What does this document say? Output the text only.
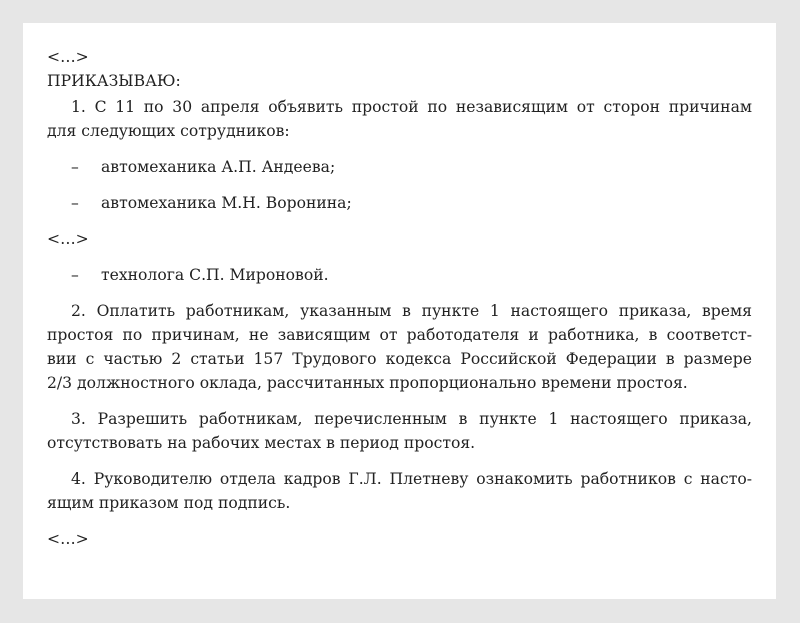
<…>
ПРИКАЗЫВАЮ:
1. С 11 по 30 апреля объявить простой по независящим от сторон причинам
для следующих сотрудников:
–	автомеханика А.П. Андеева;
–	автомеханика М.Н. Воронина;
<…>
–	технолога С.П. Мироновой.
2. Оплатить работникам, указанным в пункте 1 настоящего приказа, время
простоя по причинам, не зависящим от работодателя и работника, в соответст-
вии с частью 2 статьи 157 Трудового кодекса Российской Федерации в размере
2/3 должностного оклада, рассчитанных пропорционально времени простоя.
3. Разрешить работникам, перечисленным в пункте 1 настоящего приказа,
отсутствовать на рабочих местах в период простоя.
4. Руководителю отдела кадров Г.Л. Плетневу ознакомить работников с насто-
ящим приказом под подпись.
<…>
